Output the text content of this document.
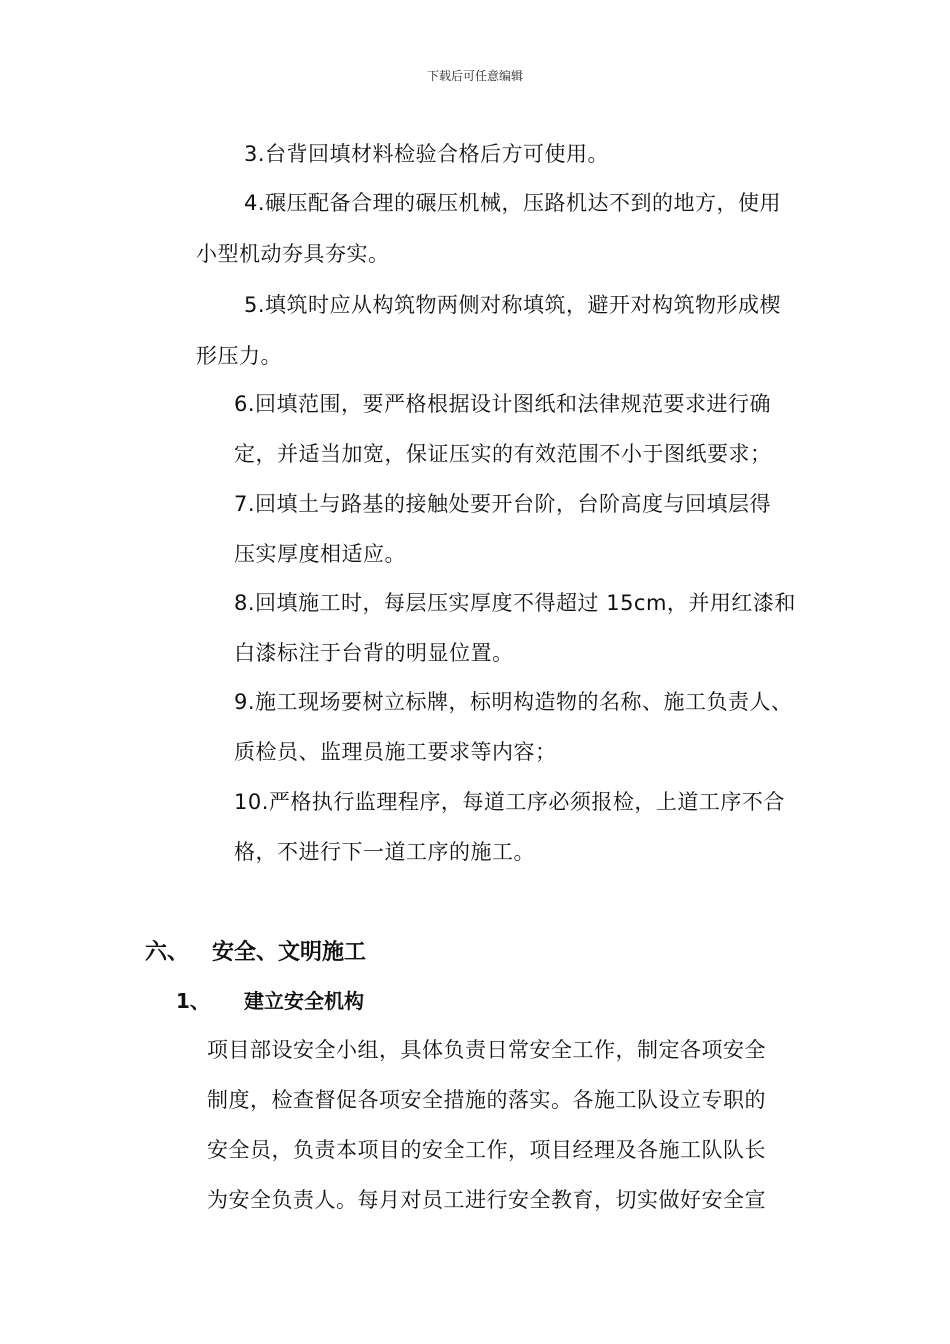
下载后可任意编辑
3.台背回填材料检验合格后方可使用。
4.碾压配备合理的碾压机械，压路机达不到的地方，使用
小型机动夯具夯实。
5.填筑时应从构筑物两侧对称填筑，避开对构筑物形成楔
形压力。
6.回填范围，要严格根据设计图纸和法律规范要求进行确
定，并适当加宽，保证压实的有效范围不小于图纸要求；
7.回填土与路基的接触处要开台阶，台阶高度与回填层得
压实厚度相适应。
8.回填施工时，每层压实厚度不得超过 15cm，并用红漆和
白漆标注于台背的明显位置。
9.施工现场要树立标牌，标明构造物的名称、施工负责人、
质检员、监理员施工要求等内容；
10.严格执行监理程序，每道工序必须报检，上道工序不合
格，不进行下一道工序的施工。
六、 安全、文明施工
1、 建立安全机构
项目部设安全小组，具体负责日常安全工作，制定各项安全
制度，检查督促各项安全措施的落实。各施工队设立专职的
安全员，负责本项目的安全工作，项目经理及各施工队队长
为安全负责人。每月对员工进行安全教育，切实做好安全宣
